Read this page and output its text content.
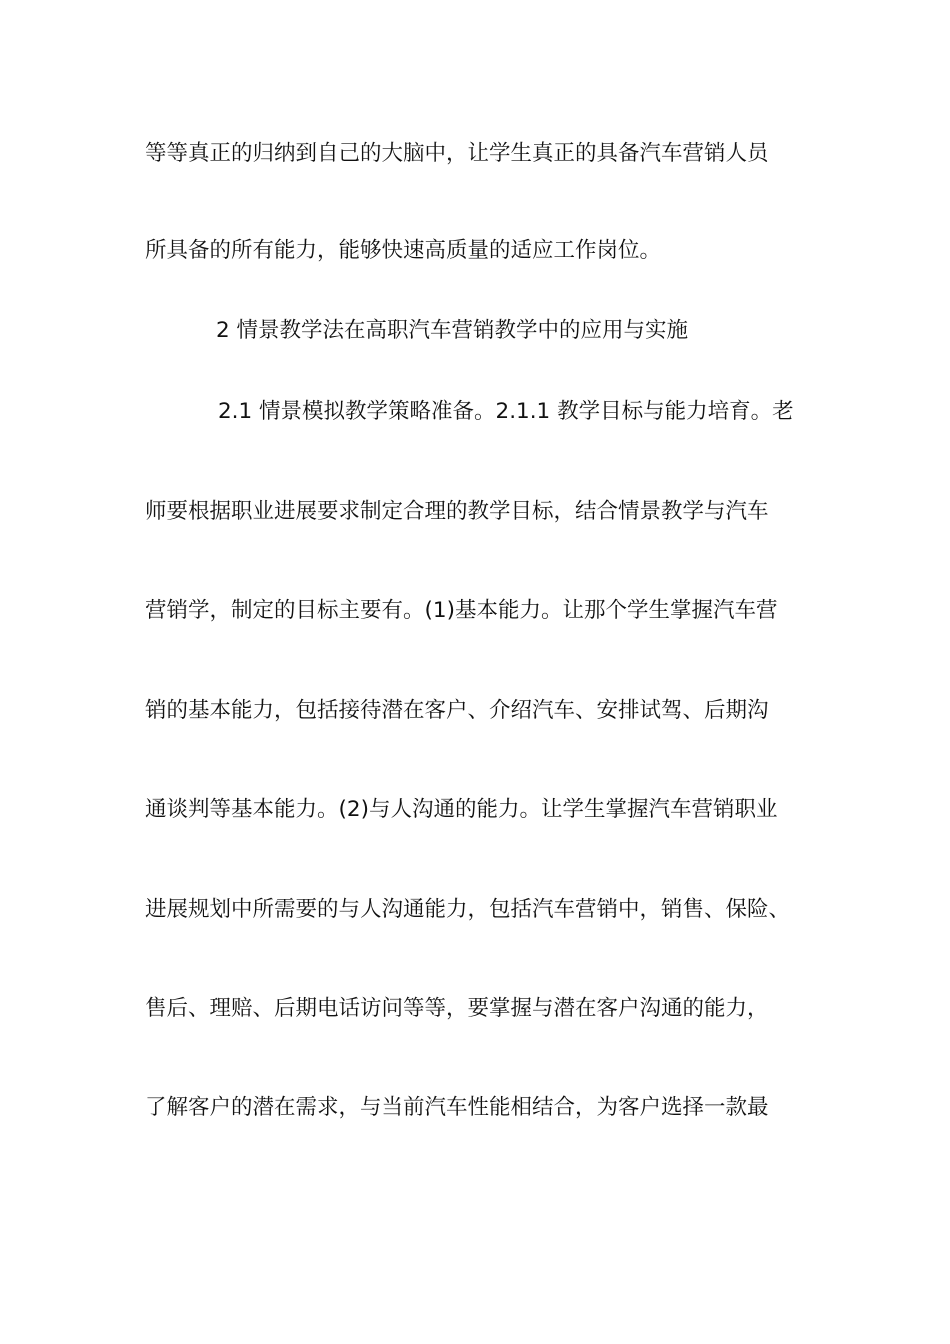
等等真正的归纳到自己的大脑中，让学生真正的具备汽车营销人员
所具备的所有能力，能够快速高质量的适应工作岗位。
2 情景教学法在高职汽车营销教学中的应用与实施
2.1 情景模拟教学策略准备。2.1.1 教学目标与能力培育。老
师要根据职业进展要求制定合理的教学目标，结合情景教学与汽车
营销学，制定的目标主要有。(1)基本能力。让那个学生掌握汽车营
销的基本能力，包括接待潜在客户、介绍汽车、安排试驾、后期沟
通谈判等基本能力。(2)与人沟通的能力。让学生掌握汽车营销职业
进展规划中所需要的与人沟通能力，包括汽车营销中，销售、保险、
售后、理赔、后期电话访问等等，要掌握与潜在客户沟通的能力，
了解客户的潜在需求，与当前汽车性能相结合，为客户选择一款最
